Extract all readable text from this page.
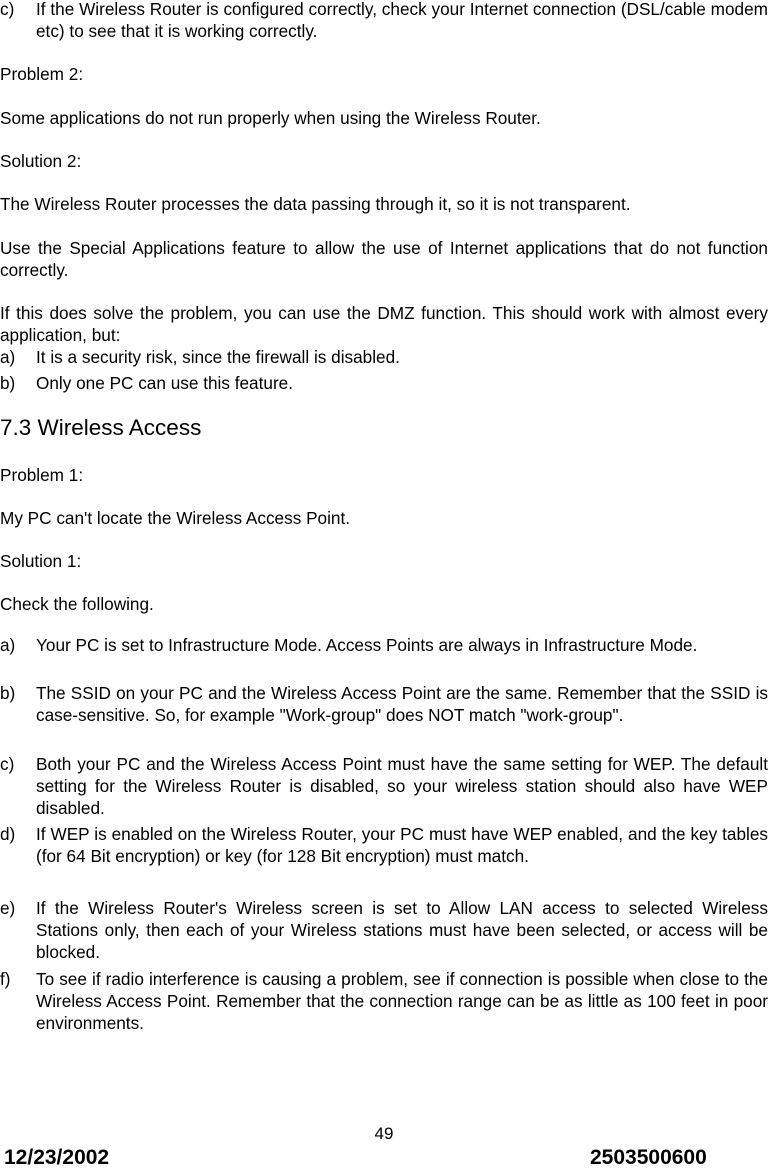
c)	If the Wireless Router is configured correctly, check your Internet connection (DSL/cable modem etc) to see that it is working correctly.
Problem 2:
Some applications do not run properly when using the Wireless Router.
Solution 2:
The Wireless Router processes the data passing through it, so it is not transparent.
Use the Special Applications feature to allow the use of Internet applications that do not function correctly.
If this does solve the problem, you can use the DMZ function. This should work with almost every application, but:
a)	It is a security risk, since the firewall is disabled.
b)	Only one PC can use this feature.
7.3 Wireless Access
Problem 1:
My PC can't locate the Wireless Access Point.
Solution 1:
Check the following.
a)	Your PC is set to Infrastructure Mode. Access Points are always in Infrastructure Mode.
b)	The SSID on your PC and the Wireless Access Point are the same. Remember that the SSID is case-sensitive. So, for example "Work-group" does NOT match "work-group".
c)	Both your PC and the Wireless Access Point must have the same setting for WEP. The default setting for the Wireless Router is disabled, so your wireless station should also have WEP disabled.
d)	If WEP is enabled on the Wireless Router, your PC must have WEP enabled, and the key tables (for 64 Bit encryption) or key (for 128 Bit encryption) must match.
e)	If the Wireless Router's Wireless screen is set to Allow LAN access to selected Wireless Stations only, then each of your Wireless stations must have been selected, or access will be blocked.
f)	To see if radio interference is causing a problem, see if connection is possible when close to the Wireless Access Point. Remember that the connection range can be as little as 100 feet in poor environments.
49
12/23/2002	2503500600
